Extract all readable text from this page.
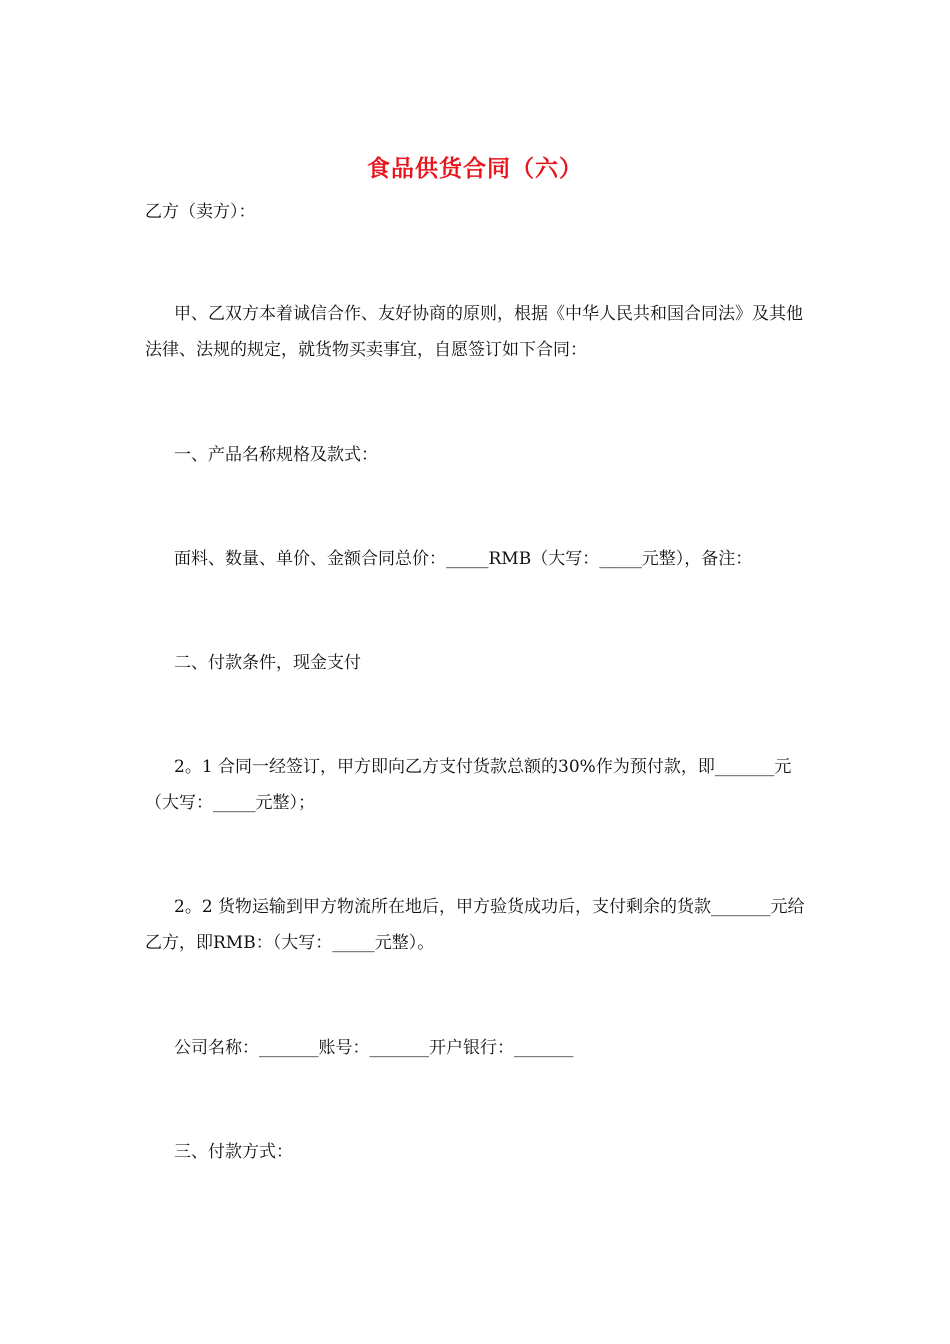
食品供货合同（六）
乙方（卖方）：
甲、乙双方本着诚信合作、友好协商的原则，根据《中华人民共和国合同法》及其他法律、法规的规定，就货物买卖事宜，自愿签订如下合同：
一、产品名称规格及款式：
面料、数量、单价、金额合同总价：_____RMB（大写：_____元整），备注：
二、付款条件，现金支付
2。1 合同一经签订，甲方即向乙方支付货款总额的30%作为预付款，即_______元（大写：_____元整）；
2。2 货物运输到甲方物流所在地后，甲方验货成功后，支付剩余的货款_______元给乙方，即RMB：（大写：_____元整）。
公司名称：_______账号：_______开户银行：_______
三、付款方式：
